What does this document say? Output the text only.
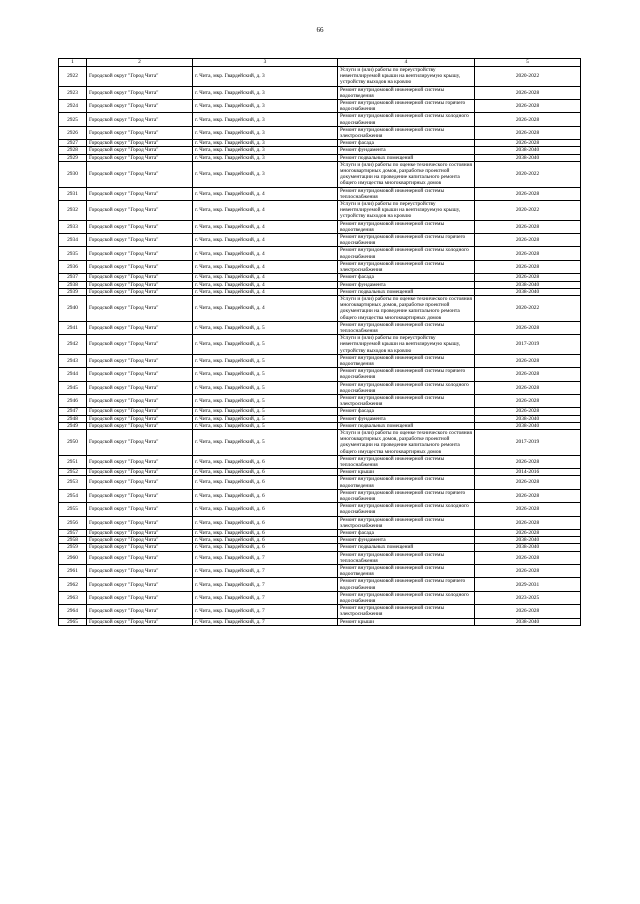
66
1	2	3	4	5
2922	Городской округ "Город Чита"	г. Чита, мкр. Гвардейский, д. 3	Услуги и (или) работы по переустройству невентилируемой крыши на вентилируемую крышу, устройству выходов на кровлю	2020-2022
2923	Городской округ "Город Чита"	г. Чита, мкр. Гвардейский, д. 3	Ремонт внутридомовой инженерной системы водоотведения	2026-2028
2924	Городской округ "Город Чита"	г. Чита, мкр. Гвардейский, д. 3	Ремонт внутридомовой инженерной системы горячего водоснабжения	2026-2028
2925	Городской округ "Город Чита"	г. Чита, мкр. Гвардейский, д. 3	Ремонт внутридомовой инженерной системы холодного водоснабжения	2026-2028
2926	Городской округ "Город Чита"	г. Чита, мкр. Гвардейский, д. 3	Ремонт внутридомовой инженерной системы электроснабжения	2026-2028
2927	Городской округ "Город Чита"	г. Чита, мкр. Гвардейский, д. 3	Ремонт фасада	2026-2028
2928	Городской округ "Город Чита"	г. Чита, мкр. Гвардейский, д. 3	Ремонт фундамента	2038-2040
2929	Городской округ "Город Чита"	г. Чита, мкр. Гвардейский, д. 3	Ремонт подвальных помещений	2038-2040
2930	Городской округ "Город Чита"	г. Чита, мкр. Гвардейский, д. 3	Услуги и (или) работы по оценке технического состояния многоквартирных домов, разработке проектной документации на проведение капитального ремонта общего имущества многоквартирных домов	2020-2022
2931	Городской округ "Город Чита"	г. Чита, мкр. Гвардейский, д. 4	Ремонт внутридомовой инженерной системы теплоснабжения	2026-2028
2932	Городской округ "Город Чита"	г. Чита, мкр. Гвардейский, д. 4	Услуги и (или) работы по переустройству невентилируемой крыши на вентилируемую крышу, устройству выходов на кровлю	2020-2022
2933	Городской округ "Город Чита"	г. Чита, мкр. Гвардейский, д. 4	Ремонт внутридомовой инженерной системы водоотведения	2026-2028
2934	Городской округ "Город Чита"	г. Чита, мкр. Гвардейский, д. 4	Ремонт внутридомовой инженерной системы горячего водоснабжения	2026-2028
2935	Городской округ "Город Чита"	г. Чита, мкр. Гвардейский, д. 4	Ремонт внутридомовой инженерной системы холодного водоснабжения	2026-2028
2936	Городской округ "Город Чита"	г. Чита, мкр. Гвардейский, д. 4	Ремонт внутридомовой инженерной системы электроснабжения	2026-2028
2937	Городской округ "Город Чита"	г. Чита, мкр. Гвардейский, д. 4	Ремонт фасада	2026-2028
2938	Городской округ "Город Чита"	г. Чита, мкр. Гвардейский, д. 4	Ремонт фундамента	2038-2040
2939	Городской округ "Город Чита"	г. Чита, мкр. Гвардейский, д. 4	Ремонт подвальных помещений	2038-2040
2940	Городской округ "Город Чита"	г. Чита, мкр. Гвардейский, д. 4	Услуги и (или) работы по оценке технического состояния многоквартирных домов, разработке проектной документации на проведение капитального ремонта общего имущества многоквартирных домов	2020-2022
2941	Городской округ "Город Чита"	г. Чита, мкр. Гвардейский, д. 5	Ремонт внутридомовой инженерной системы теплоснабжения	2026-2028
2942	Городской округ "Город Чита"	г. Чита, мкр. Гвардейский, д. 5	Услуги и (или) работы по переустройству невентилируемой крыши на вентилируемую крышу, устройству выходов на кровлю	2017-2019
2943	Городской округ "Город Чита"	г. Чита, мкр. Гвардейский, д. 5	Ремонт внутридомовой инженерной системы водоотведения	2026-2028
2944	Городской округ "Город Чита"	г. Чита, мкр. Гвардейский, д. 5	Ремонт внутридомовой инженерной системы горячего водоснабжения	2026-2028
2945	Городской округ "Город Чита"	г. Чита, мкр. Гвардейский, д. 5	Ремонт внутридомовой инженерной системы холодного водоснабжения	2026-2028
2946	Городской округ "Город Чита"	г. Чита, мкр. Гвардейский, д. 5	Ремонт внутридомовой инженерной системы электроснабжения	2026-2028
2947	Городской округ "Город Чита"	г. Чита, мкр. Гвардейский, д. 5	Ремонт фасада	2026-2028
2948	Городской округ "Город Чита"	г. Чита, мкр. Гвардейский, д. 5	Ремонт фундамента	2038-2040
2949	Городской округ "Город Чита"	г. Чита, мкр. Гвардейский, д. 5	Ремонт подвальных помещений	2038-2040
2950	Городской округ "Город Чита"	г. Чита, мкр. Гвардейский, д. 5	Услуги и (или) работы по оценке технического состояния многоквартирных домов, разработке проектной документации на проведение капитального ремонта общего имущества многоквартирных домов	2017-2019
2951	Городской округ "Город Чита"	г. Чита, мкр. Гвардейский, д. 6	Ремонт внутридомовой инженерной системы теплоснабжения	2026-2028
2952	Городской округ "Город Чита"	г. Чита, мкр. Гвардейский, д. 6	Ремонт крыши	2014-2016
2953	Городской округ "Город Чита"	г. Чита, мкр. Гвардейский, д. 6	Ремонт внутридомовой инженерной системы водоотведения	2026-2028
2954	Городской округ "Город Чита"	г. Чита, мкр. Гвардейский, д. 6	Ремонт внутридомовой инженерной системы горячего водоснабжения	2026-2028
2955	Городской округ "Город Чита"	г. Чита, мкр. Гвардейский, д. 6	Ремонт внутридомовой инженерной системы холодного водоснабжения	2026-2028
2956	Городской округ "Город Чита"	г. Чита, мкр. Гвардейский, д. 6	Ремонт внутридомовой инженерной системы электроснабжения	2026-2028
2957	Городской округ "Город Чита"	г. Чита, мкр. Гвардейский, д. 6	Ремонт фасада	2026-2028
2958	Городской округ "Город Чита"	г. Чита, мкр. Гвардейский, д. 6	Ремонт фундамента	2038-2040
2959	Городской округ "Город Чита"	г. Чита, мкр. Гвардейский, д. 6	Ремонт подвальных помещений	2038-2040
2960	Городской округ "Город Чита"	г. Чита, мкр. Гвардейский, д. 7	Ремонт внутридомовой инженерной системы теплоснабжения	2026-2028
2961	Городской округ "Город Чита"	г. Чита, мкр. Гвардейский, д. 7	Ремонт внутридомовой инженерной системы водоотведения	2026-2028
2962	Городской округ "Город Чита"	г. Чита, мкр. Гвардейский, д. 7	Ремонт внутридомовой инженерной системы горячего водоснабжения	2029-2031
2963	Городской округ "Город Чита"	г. Чита, мкр. Гвардейский, д. 7	Ремонт внутридомовой инженерной системы холодного водоснабжения	2023-2025
2964	Городской округ "Город Чита"	г. Чита, мкр. Гвардейский, д. 7	Ремонт внутридомовой инженерной системы электроснабжения	2026-2028
2965	Городской округ "Город Чита"	г. Чита, мкр. Гвардейский, д. 7	Ремонт крыши	2038-2040
